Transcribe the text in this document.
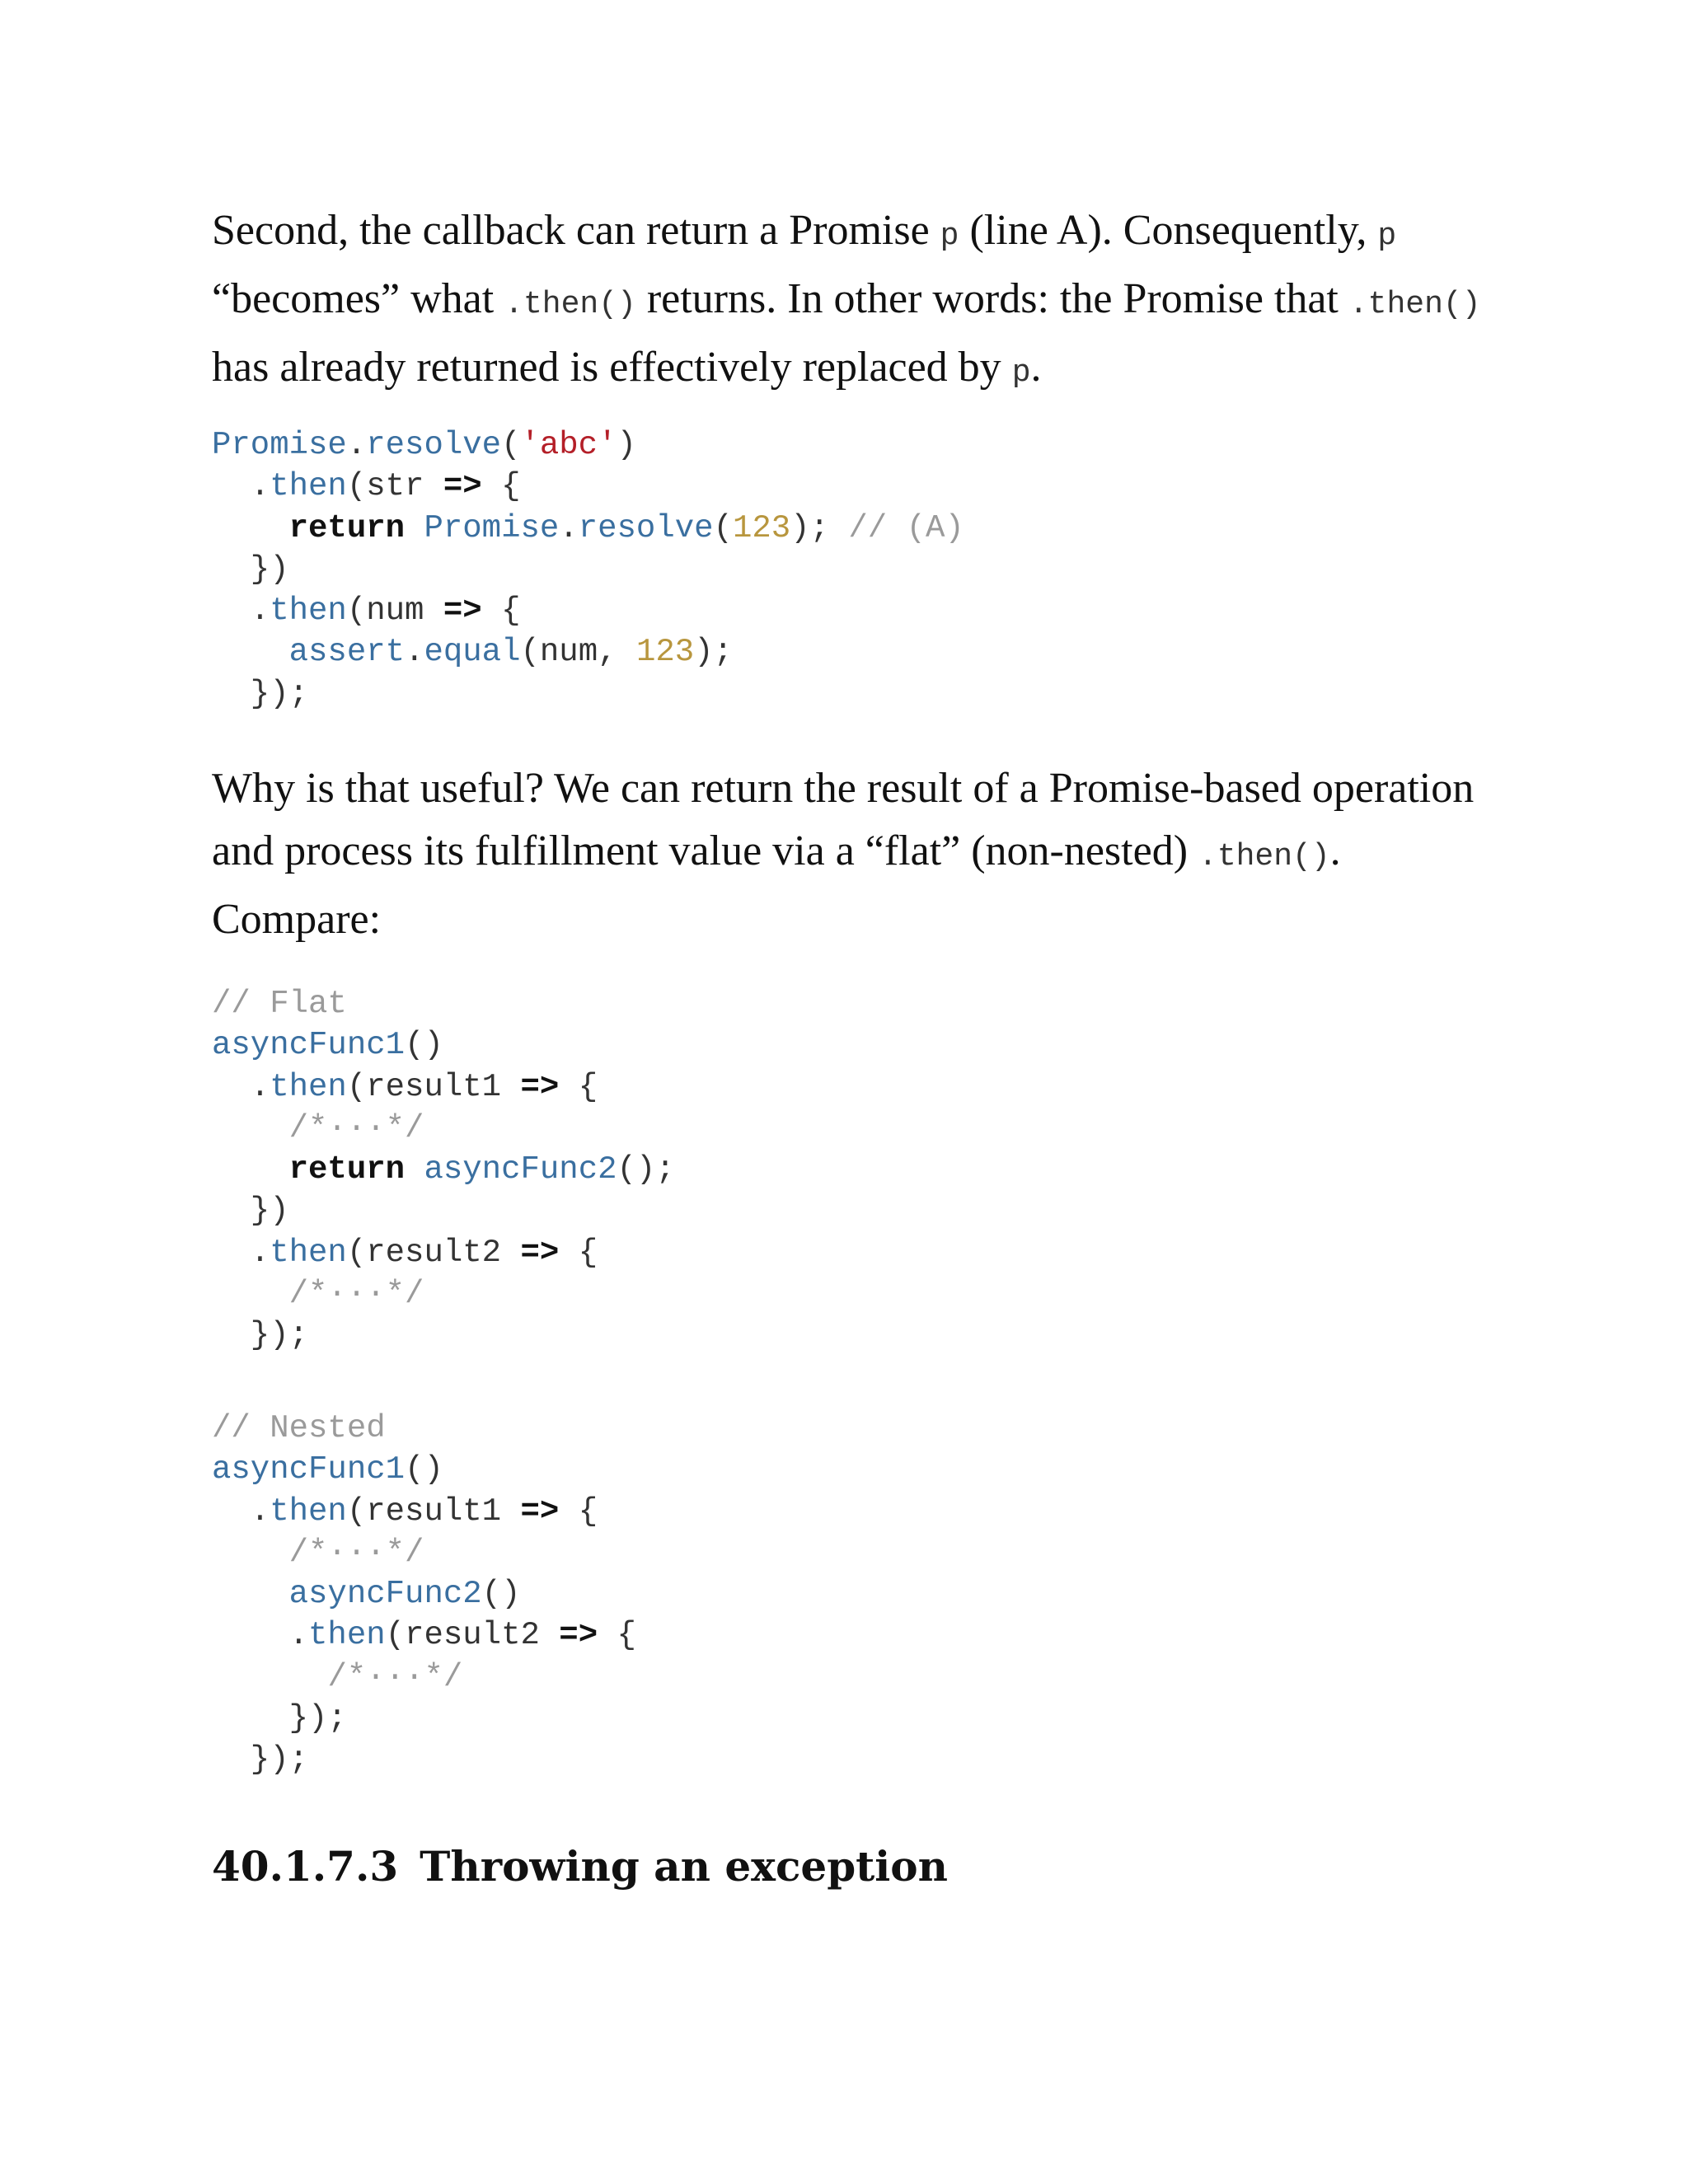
Second, the callback can return a Promise p (line A). Consequently, p “becomes” what .then() returns. In other words: the Promise that .then() has already returned is effectively replaced by p.

Promise.resolve('abc')
.then(str => {
return Promise.resolve(123); // (A)
})
.then(num => {
assert.equal(num, 123);
});

Why is that useful? We can return the result of a Promise-based operation and process its fulfillment value via a “flat” (non-nested) .then(). Compare:

// Flat
asyncFunc1()
.then(result1 => {
/*···*/
return asyncFunc2();
})
.then(result2 => {
/*···*/
});
// Nested
asyncFunc1()
.then(result1 => {
/*···*/
asyncFunc2()
.then(result2 => {
/*···*/
});
});
40.1.7.3 Throwing an exception
